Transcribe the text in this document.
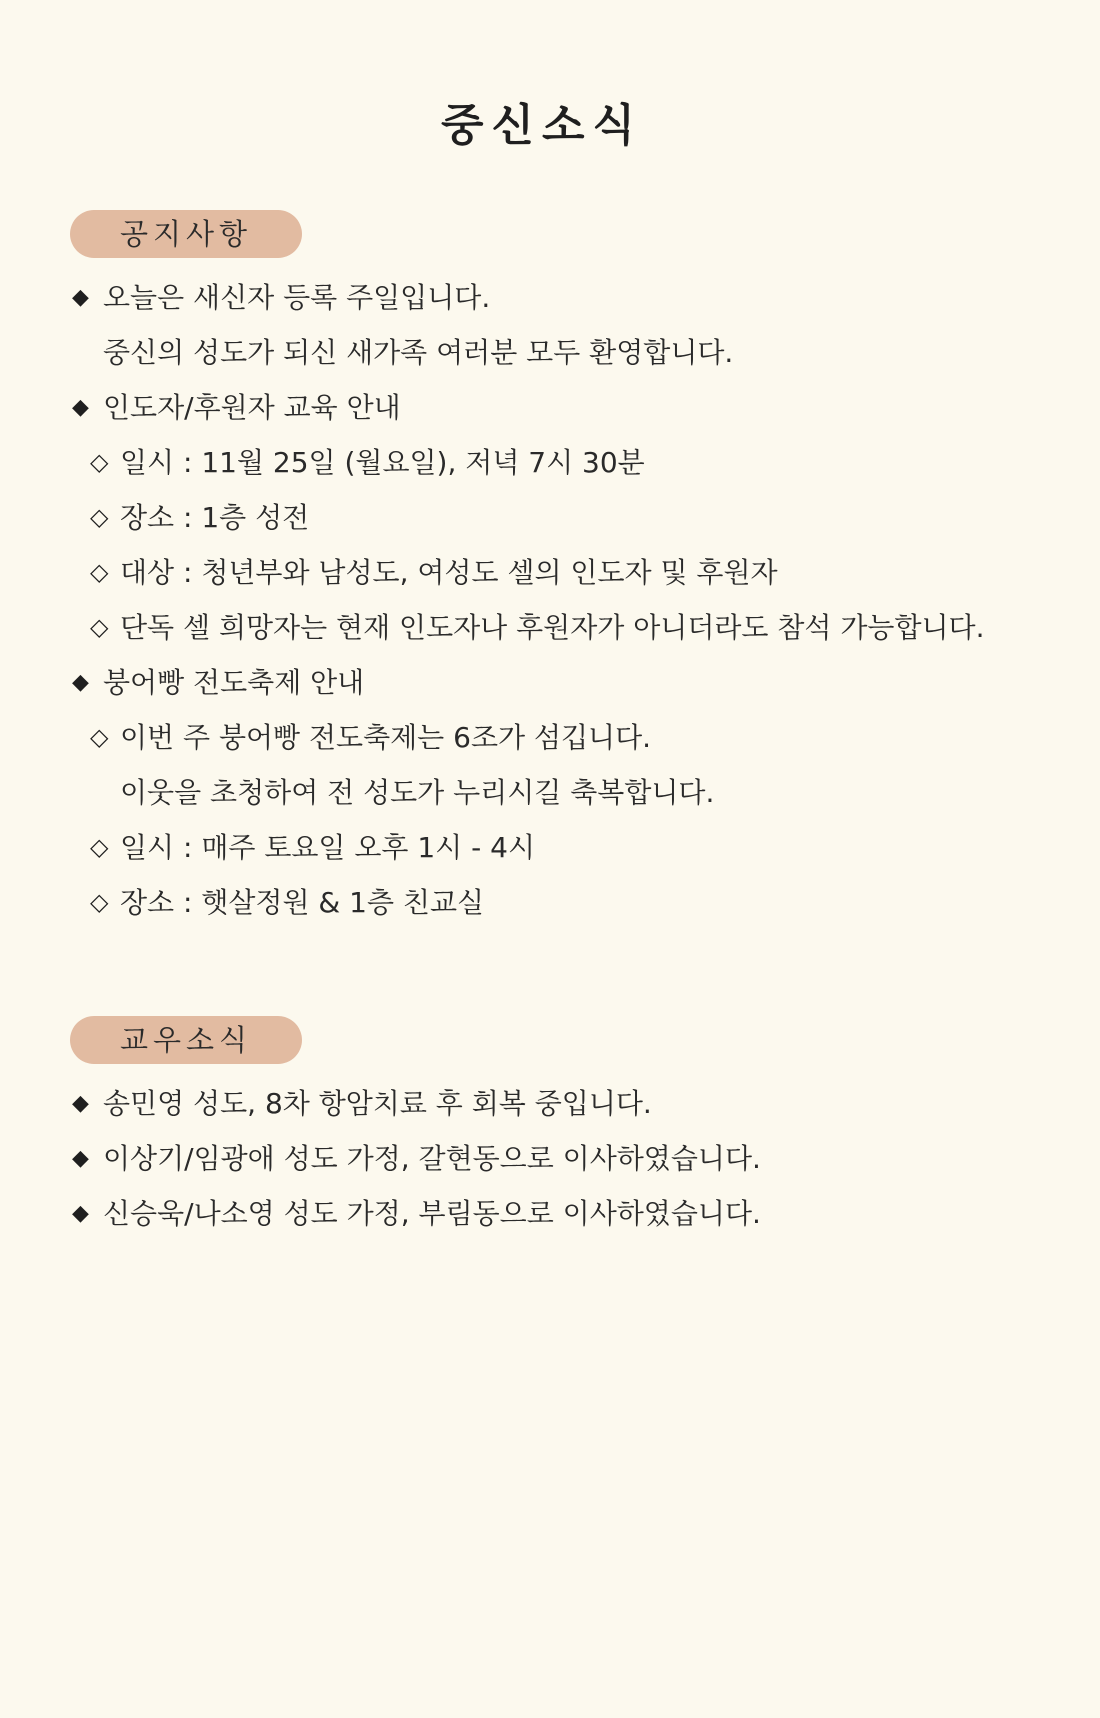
중신소식
공지사항
◆ 오늘은 새신자 등록 주일입니다.
중신의 성도가 되신 새가족 여러분 모두 환영합니다.
◆ 인도자/후원자 교육 안내
◇ 일시 : 11월 25일 (월요일), 저녁 7시 30분
◇ 장소 : 1층 성전
◇ 대상 : 청년부와 남성도, 여성도 셀의 인도자 및 후원자
◇ 단독 셀 희망자는 현재 인도자나 후원자가 아니더라도 참석 가능합니다.
◆ 붕어빵 전도축제 안내
◇ 이번 주 붕어빵 전도축제는 6조가 섬깁니다.
이웃을 초청하여 전 성도가 누리시길 축복합니다.
◇ 일시 : 매주 토요일 오후 1시 - 4시
◇ 장소 : 햇살정원 & 1층 친교실
교우소식
◆ 송민영 성도, 8차 항암치료 후 회복 중입니다.
◆ 이상기/임광애 성도 가정, 갈현동으로 이사하였습니다.
◆ 신승욱/나소영 성도 가정, 부림동으로 이사하였습니다.
